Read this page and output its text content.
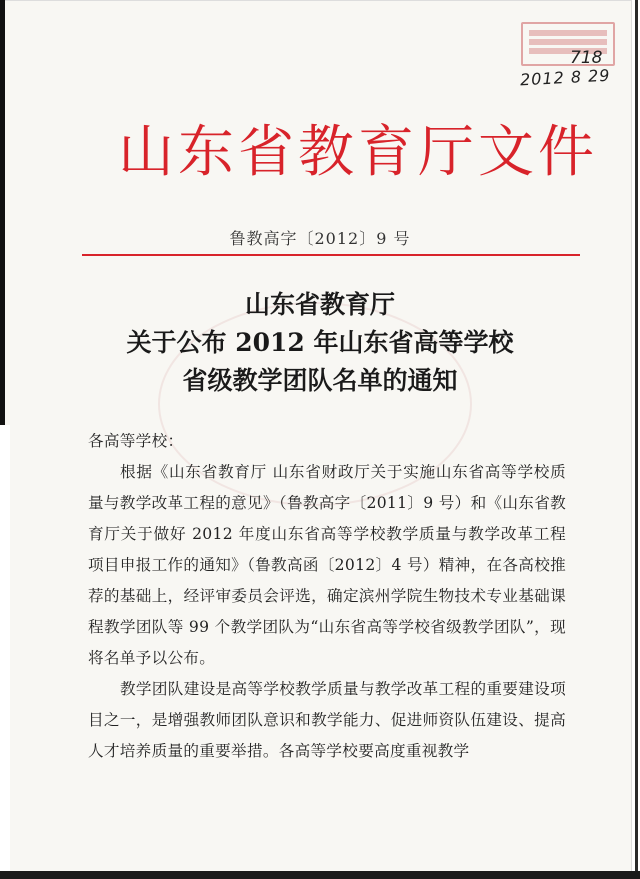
718
2012 8 29
山东省教育厅文件
鲁教高字〔2012〕9 号
山东省教育厅
关于公布 2012 年山东省高等学校
省级教学团队名单的通知
各高等学校：

根据《山东省教育厅 山东省财政厅关于实施山东省高等学校质量与教学改革工程的意见》（鲁教高字〔2011〕9 号）和《山东省教育厅关于做好 2012 年度山东省高等学校教学质量与教学改革工程项目申报工作的通知》（鲁教高函〔2012〕4 号）精神，在各高校推荐的基础上，经评审委员会评选，确定滨州学院生物技术专业基础课程教学团队等 99 个教学团队为“山东省高等学校省级教学团队”，现将名单予以公布。

教学团队建设是高等学校教学质量与教学改革工程的重要建设项目之一，是增强教师团队意识和教学能力、促进师资队伍建设、提高人才培养质量的重要举措。各高等学校要高度重视教学
